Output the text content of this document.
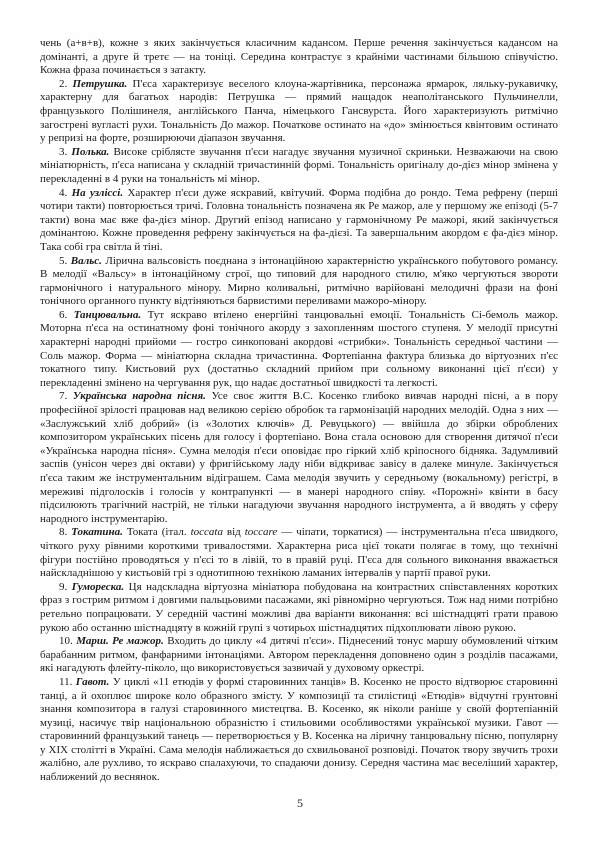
чень (а+в+в), кожне з яких закінчується класичним кадансом. Перше речення закінчується кадансом на домінанті, а друге й третє — на тоніці. Середина контрастує з крайніми частинами більшою співучістю. Кожна фраза починається з затакту.

2. Петрушка. П'єса характеризує веселого клоуна-жартівника, персонажа ярмарок, ляльку-рукавичку, характерну для багатьох народів: Петрушка — прямий нащадок неаполітанського Пульчинелли, французького Полішинеля, англійського Панча, німецького Гансвурста. Його характеризують ритмічно загострені вугласті рухи. Тональність До мажор. Початкове остинато на «до» змінюється квінтовим остинато у репризі на форте, розширюючи діапазон звучання.

3. Полька. Високе сріблясте звучання п'єси нагадує звучання музичної скриньки. Незважаючи на свою мініатюрність, п'єса написана у складній тричастинній формі. Тональність оригіналу до-дієз мінор змінена у перекладенні в 4 руки на тональність мі мінор.

4. На узліссі. Характер п'єси дуже яскравий, квітучий. Форма подібна до рондо. Тема рефрену (перші чотири такти) повторюється тричі. Головна тональність позначена як Ре мажор, але у першому же епізоді (5-7 такти) вона має вже фа-дієз мінор. Другий епізод написано у гармонічному Ре мажорі, який закінчується домінантою. Кожне проведення рефрену закінчується на фа-дієзі. Та завершальним акордом є фа-дієз мінор. Така собі гра світла й тіні.

5. Вальс. Лірична вальсовість поєднана з інтонаційною характерністю українського побутового романсу. В мелодії «Вальсу» в інтонаційному строї, що типовий для народного стилю, м'яко чергуються звороти гармонічного і натурального мінору. Мирно коливальні, ритмічно варійовані мелодичні фрази на фоні тонічного органного пункту відтіняються барвистими переливами мажоро-мінору.

6. Танцювальна. Тут яскраво втілено енергійні танцювальні емоції. Тональність Сі-бемоль мажор. Моторна п'єса на остинатному фоні тонічного акорду з захопленням шостого ступеня. У мелодії присутні характерні народні прийоми — гостро синкоповані акордові «стрибки». Тональність середньої частини — Соль мажор. Форма — мініатюрна складна тричастинна. Фортепіанна фактура близька до віртуозних п'єс токатного типу. Кистьовий рух (достатньо складний прийом при сольному виконанні цієї п'єси) у перекладенні змінено на чергування рук, що надає достатньої швидкості та легкості.

7. Українська народна пісня. Усе своє життя В.С. Косенко глибоко вивчав народні пісні, а в пору професійної зрілості працював над великою серією обробок та гармонізацій народних мелодій. Одна з них — «Заслужський хліб добрий» (із «Золотих ключів» Д. Ревуцького) — ввійшла до збірки оброблених композитором українських пісень для голосу і фортепіано. Вона стала основою для створення дитячої п'єси «Українська народна пісня». Сумна мелодія п'єси оповідає про гіркий хліб кріпосного бідняка. Задумливий заспів (унісон через дві октави) у фригійському ладу ніби відкриває завісу в далеке минуле. Закінчується п'єса таким же інструментальним відіграшем. Сама мелодія звучить у середньому (вокальному) регістрі, в мереживі підголосків і голосів у контрапункті — в манері народного співу. «Порожні» квінти в басу підсилюють трагічний настрій, не тільки нагадуючи звучання народного інструмента, а й вводять у сферу народного інструментарію.

8. Токатина. Токата (італ. toccata від toccare — чіпати, торкатися) — інструментальна п'єса швидкого, чіткого руху рівними короткими тривалостями. Характерна риса цієї токати полягає в тому, що технічні фігури постійно проводяться у п'єсі то в лівій, то в правій руці. П'єса для сольного виконання вважається найскладнішою у кистьовій грі з однотипною технікою ламаних інтервалів у партії правої руки.

9. Гумореска. Ця надскладна віртуозна мініатюра побудована на контрастних співставленнях коротких фраз з гострим ритмом і довгими пальцьовими пасажами, які рівномірно чергуються. Тож над ними потрібно ретельно попрацювати. У середній частині можливі два варіанти виконання: всі шістнадцяті грати правою рукою або останню шістнадцяту в кожній групі з чотирьох шістнадцятих підхоплювати лівою рукою.

10. Марш. Ре мажор. Входить до циклу «4 дитячі п'єси». Піднесений тонус маршу обумовлений чітким барабанним ритмом, фанфарними інтонаціями. Автором перекладення доповнено один з розділів пасажами, які нагадують флейту-піколо, що використовується зазвичай у духовому оркестрі.

11. Гавот. У циклі «11 етюдів у формі старовинних танців» В. Косенко не просто відтворює старовинні танці, а й охоплює широке коло образного змісту. У композиції та стилістиці «Етюдів» відчутні грунтовні знання композитора в галузі старовинного мистецтва. В. Косенко, як ніколи раніше у своїй фортепіанній музиці, насичує твір національною образністю і стильовими особливостями української музики. Гавот — старовинний французький танець — перетворюється у В. Косенка на ліричну танцювальну пісню, популярну у XIX столітті в Україні. Сама мелодія наближається до схвильованої розповіді. Початок твору звучить трохи жалібно, але рухливо, то яскраво спалахуючи, то спадаючи донизу. Середня частина має веселіший характер, наближений до веснянок.

5
